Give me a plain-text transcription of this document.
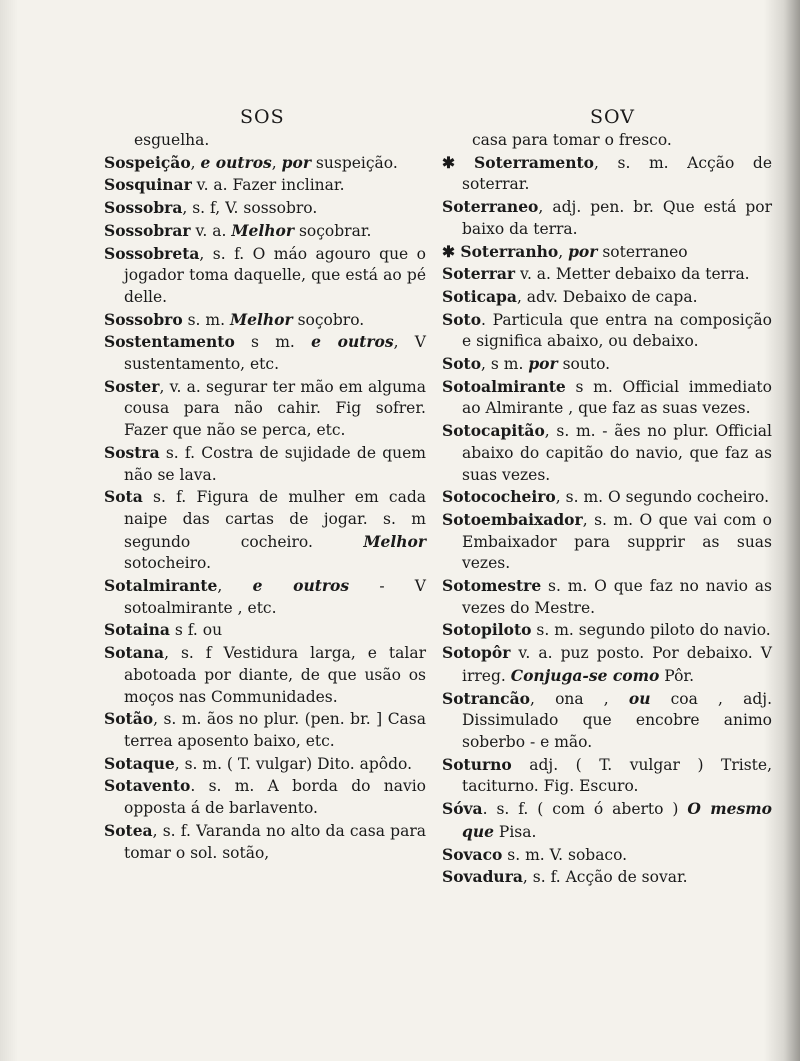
SOS	SOV
esguelha.
Sospeição, e outros, por suspeição.
Sosquinar v. a. Fazer inclinar.
Sossobra, s. f, V. sossobro.
Sossobrar v. a. Melhor soçobrar.
Sossobreta, s. f. O máo agouro que o jogador toma daquelle, que está ao pé delle.
Sossobro s. m. Melhor soçobro.
Sostentamento s m. e outros, V sustentamento, etc.
Soster, v. a. segurar ter mão em alguma cousa para não cahir. Fig sofrer. Fazer que não se perca, etc.
Sostra s. f. Costra de sujidade de quem não se lava.
Sota s. f. Figura de mulher em cada naipe das cartas de jogar. s. m segundo cocheiro. Melhor sotocheiro.
Sotalmirante, e outros - V sotoalmirante , etc.
Sotaina s f. ou
Sotana, s. f Vestidura larga, e talar abotoada por diante, de que usão os moços nas Communidades.
Sotão, s. m. ãos no plur. (pen. br. ] Casa terrea aposento baixo, etc.
Sotaque, s. m. ( T. vulgar) Dito. apôdo.
Sotavento. s. m. A borda do navio opposta á de barlavento.
Sotea, s. f. Varanda no alto da casa para tomar o sol. sotão,
casa para tomar o fresco.
✱ Soterramento, s. m. Acção de soterrar.
Soterraneo, adj. pen. br. Que está por baixo da terra.
✱ Soterranho, por soterraneo
Soterrar v. a. Metter debaixo da terra.
Soticapa, adv. Debaixo de capa.
Soto. Particula que entra na composição e significa abaixo, ou debaixo.
Soto, s m. por souto.
Sotoalmirante s m. Official immediato ao Almirante , que faz as suas vezes.
Sotocapitão, s. m. - ães no plur. Official abaixo do capitão do navio, que faz as suas vezes.
Sotococheiro, s. m. O segundo cocheiro.
Sotoembaixador, s. m. O que vai com o Embaixador para supprir as suas vezes.
Sotomestre s. m. O que faz no navio as vezes do Mestre.
Sotopiloto s. m. segundo piloto do navio.
Sotopôr v. a. puz posto. Por debaixo. V irreg. Conjuga-se como Pôr.
Sotrancão, ona , ou coa , adj. Dissimulado que encobre animo soberbo - e mão.
Soturno adj. ( T. vulgar ) Triste, taciturno. Fig. Escuro.
Sóva. s. f. ( com ó aberto ) O mesmo que Pisa.
Sovaco s. m. V. sobaco.
Sovadura, s. f. Acção de sovar.
